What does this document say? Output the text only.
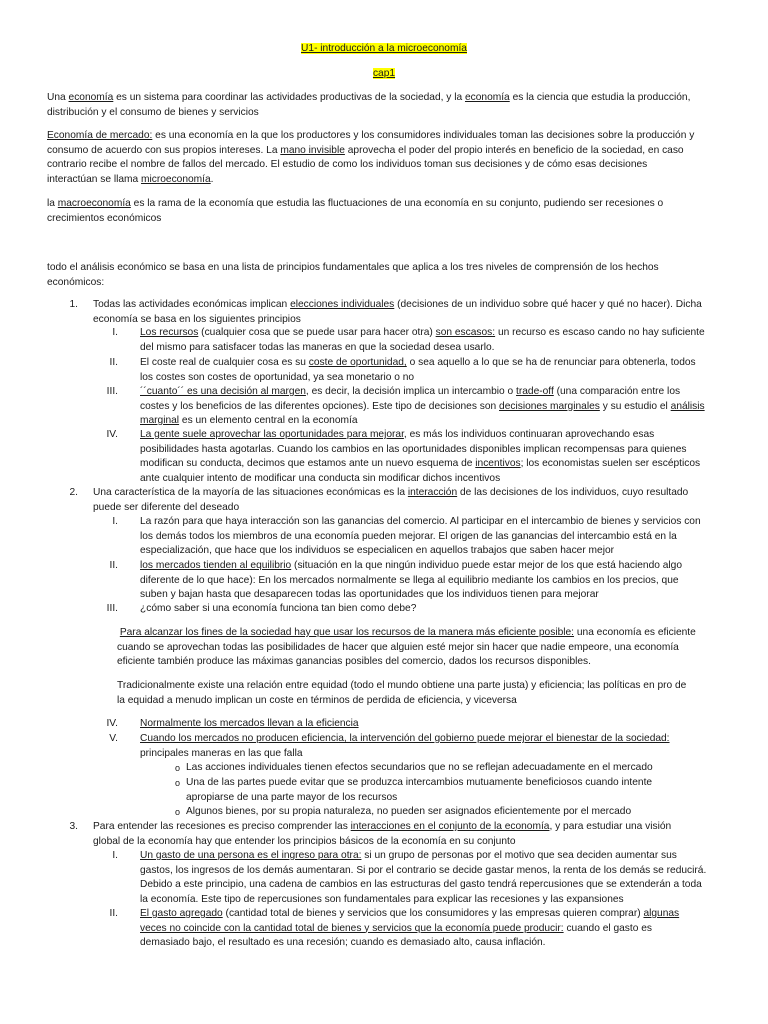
U1- introducción a la microeconomía
cap1
Una economía es un sistema para coordinar las actividades productivas de la sociedad, y la economía es la ciencia que estudia la producción,
distribución y el consumo de bienes y servicios
Economía de mercado: es una economía en la que los productores y los consumidores individuales toman las decisiones sobre la producción y
consumo de acuerdo con sus propios intereses. La mano invisible aprovecha el poder del propio interés en beneficio de la sociedad, en caso
contrario recibe el nombre de fallos del mercado. El estudio de como los individuos toman sus decisiones y de cómo esas decisiones
interactúan se llama microeconomía.
la macroeconomía es la rama de la economía que estudia las fluctuaciones de una economía en su conjunto, pudiendo ser recesiones o
crecimientos económicos
todo el análisis económico se basa en una lista de principios fundamentales que aplica a los tres niveles de comprensión de los hechos
económicos:
1. Todas las actividades económicas implican elecciones individuales (decisiones de un individuo sobre qué hacer y qué no hacer). Dicha
economía se basa en los siguientes principios
I. Los recursos (cualquier cosa que se puede usar para hacer otra) son escasos: un recurso es escaso cando no hay suficiente
del mismo para satisfacer todas las maneras en que la sociedad desea usarlo.
II. El coste real de cualquier cosa es su coste de oportunidad, o sea aquello a lo que se ha de renunciar para obtenerla, todos
los costes son costes de oportunidad, ya sea monetario o no
III. ´´cuanto´´ es una decisión al margen, es decir, la decisión implica un intercambio o trade-off (una comparación entre los
costes y los beneficios de las diferentes opciones). Este tipo de decisiones son decisiones marginales y su estudio el análisis
marginal es un elemento central en la economía
IV. La gente suele aprovechar las oportunidades para mejorar, es más los individuos continuaran aprovechando esas
posibilidades hasta agotarlas. Cuando los cambios en las oportunidades disponibles implican recompensas para quienes
modifican su conducta, decimos que estamos ante un nuevo esquema de incentivos; los economistas suelen ser escépticos
ante cualquier intento de modificar una conducta sin modificar dichos incentivos
2. Una característica de la mayoría de las situaciones económicas es la interacción de las decisiones de los individuos, cuyo resultado
puede ser diferente del deseado
I. La razón para que haya interacción son las ganancias del comercio. Al participar en el intercambio de bienes y servicios con
los demás todos los miembros de una economía pueden mejorar. El origen de las ganancias del intercambio está en la
especialización, que hace que los individuos se especialicen en aquellos trabajos que saben hacer mejor
II. los mercados tienden al equilibrio (situación en la que ningún individuo puede estar mejor de los que está haciendo algo
diferente de lo que hace): En los mercados normalmente se llega al equilibrio mediante los cambios en los precios, que
suben y bajan hasta que desaparecen todas las oportunidades que los individuos tienen para mejorar
III. ¿cómo saber si una economía funciona tan bien como debe?
Para alcanzar los fines de la sociedad hay que usar los recursos de la manera más eficiente posible: una economía es eficiente
cuando se aprovechan todas las posibilidades de hacer que alguien esté mejor sin hacer que nadie empeore, una economía
eficiente también produce las máximas ganancias posibles del comercio, dados los recursos disponibles.
Tradicionalmente existe una relación entre equidad (todo el mundo obtiene una parte justa) y eficiencia; las políticas en pro de
la equidad a menudo implican un coste en términos de perdida de eficiencia, y viceversa
IV. Normalmente los mercados llevan a la eficiencia
V. Cuando los mercados no producen eficiencia, la intervención del gobierno puede mejorar el bienestar de la sociedad:
principales maneras en las que falla
o Las acciones individuales tienen efectos secundarios que no se reflejan adecuadamente en el mercado
o Una de las partes puede evitar que se produzca intercambios mutuamente beneficiosos cuando intente
apropiarse de una parte mayor de los recursos
o Algunos bienes, por su propia naturaleza, no pueden ser asignados eficientemente por el mercado
3. Para entender las recesiones es preciso comprender las interacciones en el conjunto de la economía, y para estudiar una visión
global de la economía hay que entender los principios básicos de la economía en su conjunto
I. Un gasto de una persona es el ingreso para otra: si un grupo de personas por el motivo que sea deciden aumentar sus
gastos, los ingresos de los demás aumentaran. Si por el contrario se decide gastar menos, la renta de los demás se reducirá.
Debido a este principio, una cadena de cambios en las estructuras del gasto tendrá repercusiones que se extenderán a toda
la economía. Este tipo de repercusiones son fundamentales para explicar las recesiones y las expansiones
II. El gasto agregado (cantidad total de bienes y servicios que los consumidores y las empresas quieren comprar) algunas
veces no coincide con la cantidad total de bienes y servicios que la economía puede producir: cuando el gasto es
demasiado bajo, el resultado es una recesión; cuando es demasiado alto, causa inflación.
